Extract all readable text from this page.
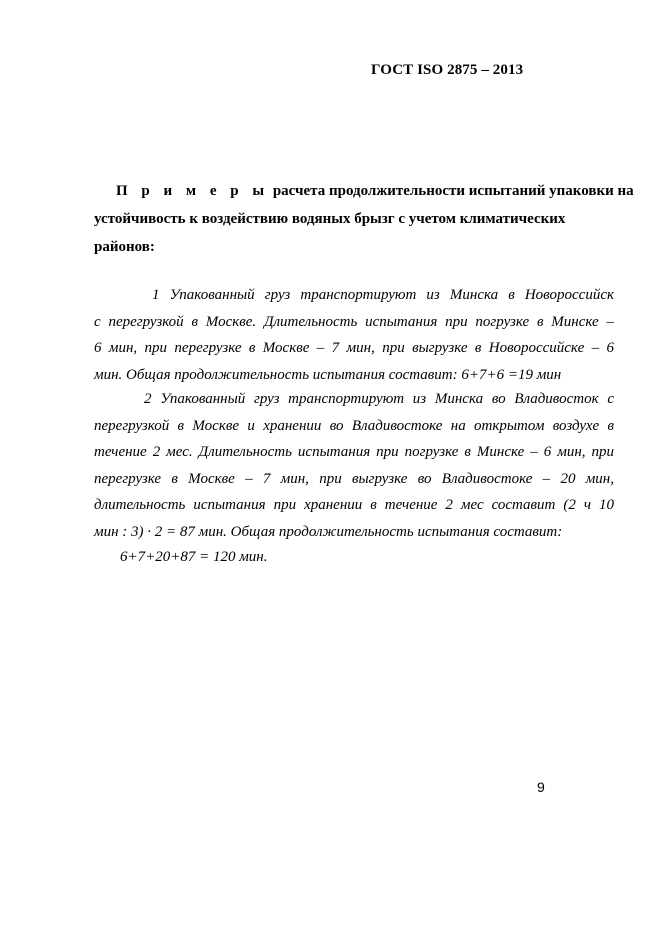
ГОСТ ISO 2875 – 2013
П р и м е р ы расчета продолжительности испытаний упаковки на
устойчивость к воздействию водяных брызг с учетом климатических
районов:
1 Упакованный груз транспортируют из Минска в Новороссийск
с перегрузкой в Москве. Длительность испытания при погрузке в Минске –
6 мин, при перегрузке в Москве – 7 мин, при выгрузке в Новороссийске – 6
мин. Общая продолжительность испытания составит: 6+7+6 =19 мин
2 Упакованный груз транспортируют из Минска во Владивосток с
перегрузкой в Москве и хранении во Владивостоке на открытом воздухе в
течение 2 мес. Длительность испытания при погрузке в Минске – 6 мин, при
перегрузке в Москве – 7 мин, при выгрузке во Владивостоке – 20 мин,
длительность испытания при хранении в течение 2 мес составит (2 ч 10
мин : 3) · 2 = 87 мин. Общая продолжительность испытания составит:
6+7+20+87 = 120 мин.
9
